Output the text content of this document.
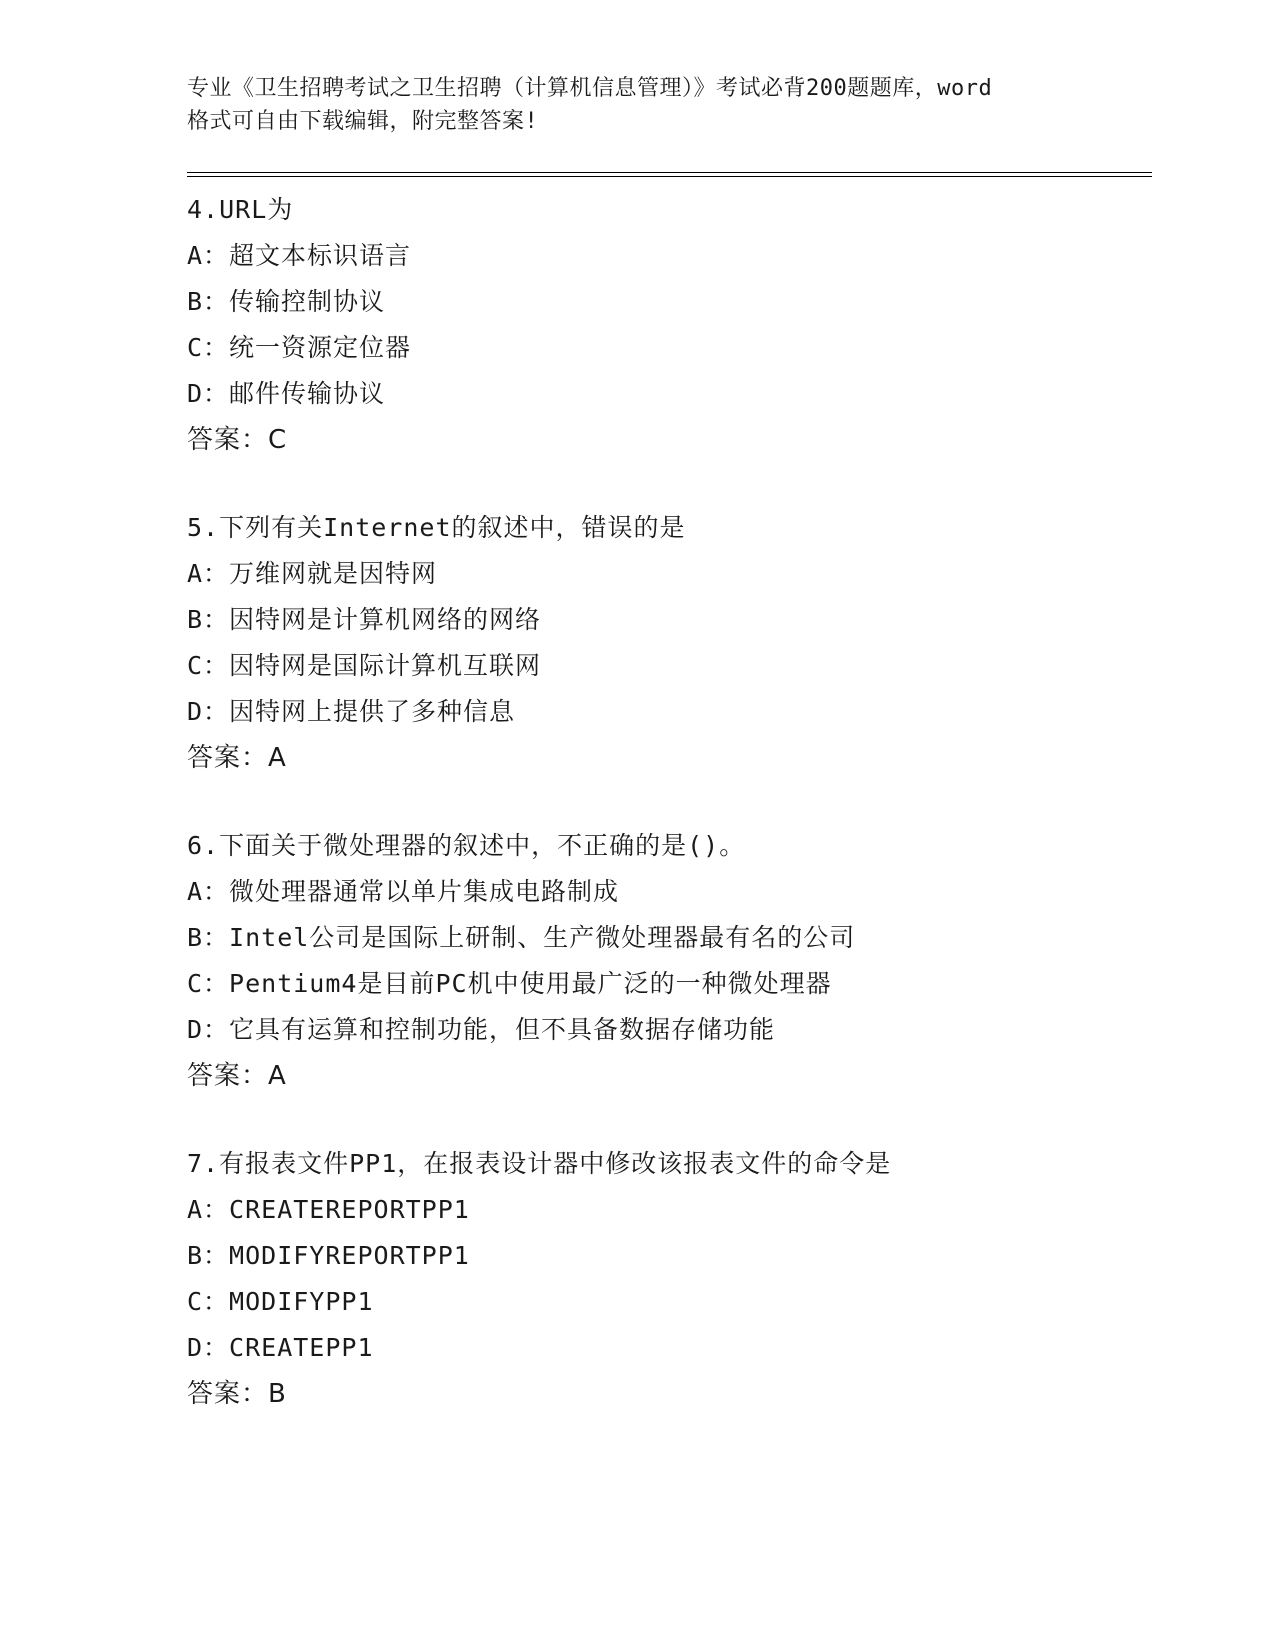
专业《卫生招聘考试之卫生招聘（计算机信息管理）》考试必背200题题库，word
格式可自由下载编辑，附完整答案!
4.URL为
A：超文本标识语言
B：传输控制协议
C：统一资源定位器
D：邮件传输协议
答案：C
5.下列有关Internet的叙述中，错误的是
A：万维网就是因特网
B：因特网是计算机网络的网络
C：因特网是国际计算机互联网
D：因特网上提供了多种信息
答案：A
6.下面关于微处理器的叙述中，不正确的是()。
A：微处理器通常以单片集成电路制成
B：Intel公司是国际上研制、生产微处理器最有名的公司
C：Pentium4是目前PC机中使用最广泛的一种微处理器
D：它具有运算和控制功能，但不具备数据存储功能
答案：A
7.有报表文件PP1，在报表设计器中修改该报表文件的命令是
A：CREATEREPORTPP1
B：MODIFYREPORTPP1
C：MODIFYPP1
D：CREATEPP1
答案：B
